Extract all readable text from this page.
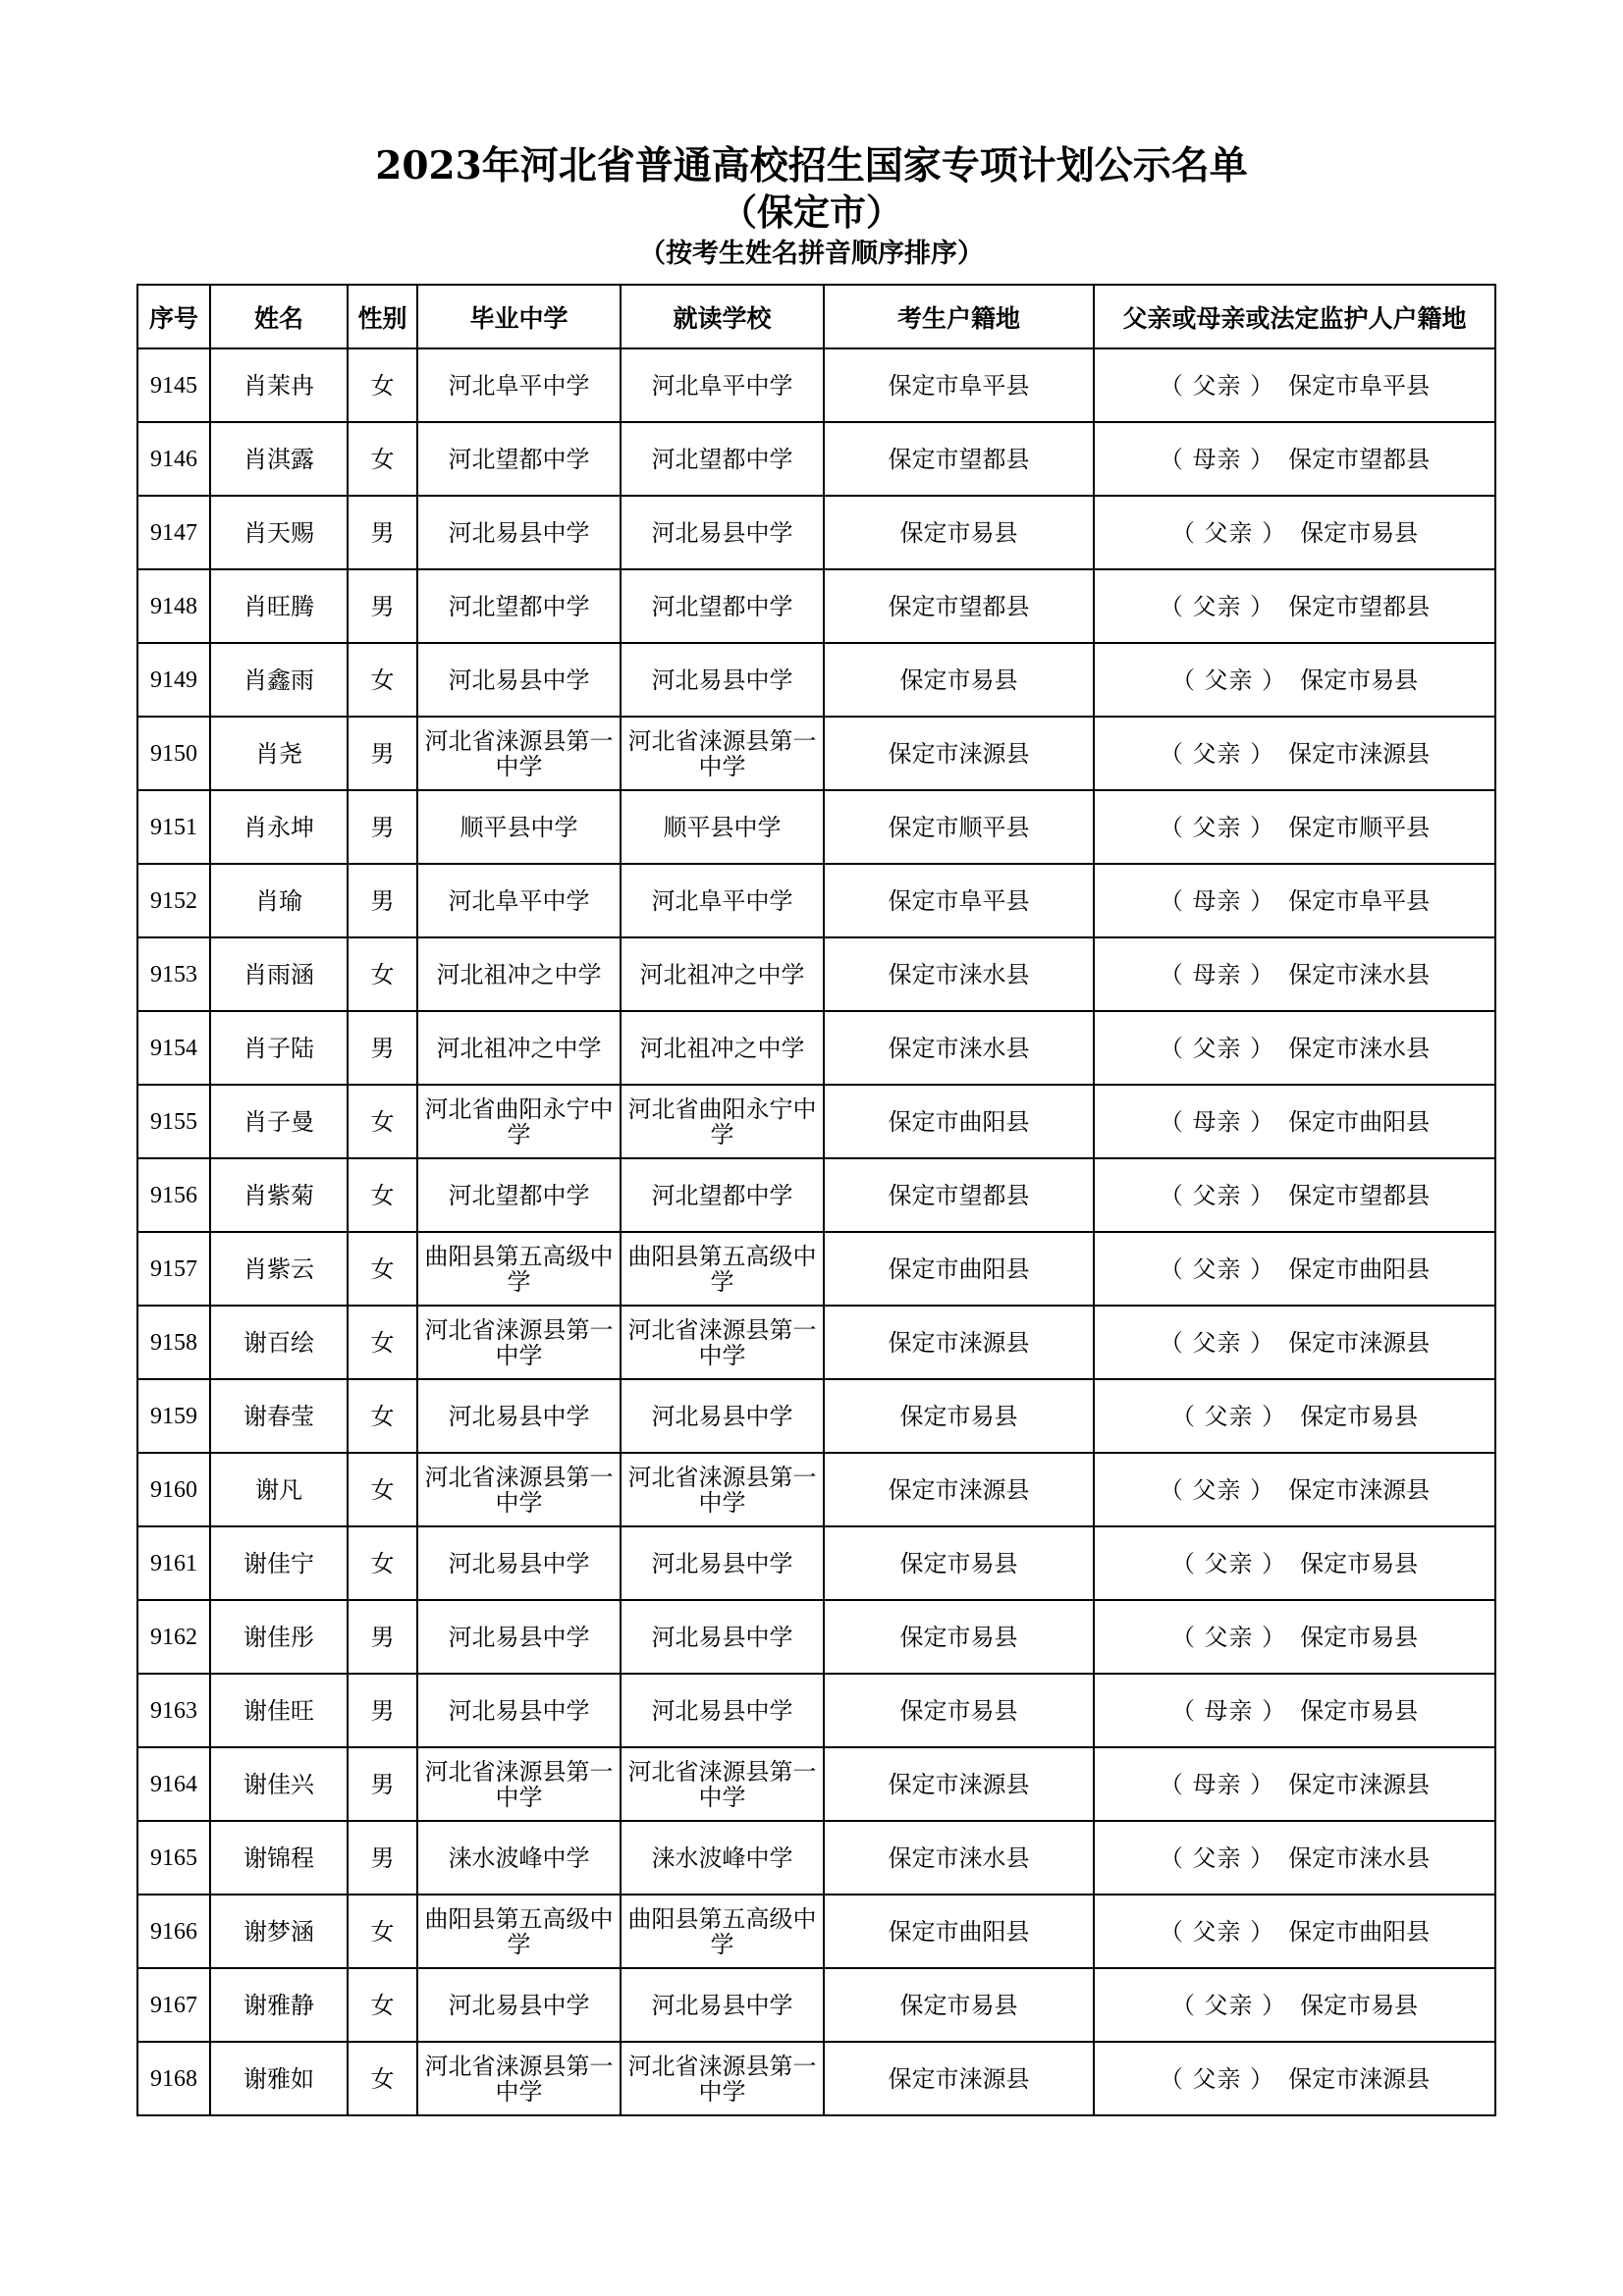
2023年河北省普通高校招生国家专项计划公示名单
（保定市）
（按考生姓名拼音顺序排序）
序号	姓名	性别	毕业中学	就读学校	考生户籍地	父亲或母亲或法定监护人户籍地
9145	肖茉冉	女	河北阜平中学	河北阜平中学	保定市阜平县	（ 父亲 ） 保定市阜平县
9146	肖淇露	女	河北望都中学	河北望都中学	保定市望都县	（ 母亲 ） 保定市望都县
9147	肖天赐	男	河北易县中学	河北易县中学	保定市易县	（ 父亲 ） 保定市易县
9148	肖旺腾	男	河北望都中学	河北望都中学	保定市望都县	（ 父亲 ） 保定市望都县
9149	肖鑫雨	女	河北易县中学	河北易县中学	保定市易县	（ 父亲 ） 保定市易县
9150	肖尧	男	河北省涞源县第一中学	河北省涞源县第一中学	保定市涞源县	（ 父亲 ） 保定市涞源县
9151	肖永坤	男	顺平县中学	顺平县中学	保定市顺平县	（ 父亲 ） 保定市顺平县
9152	肖瑜	男	河北阜平中学	河北阜平中学	保定市阜平县	（ 母亲 ） 保定市阜平县
9153	肖雨涵	女	河北祖冲之中学	河北祖冲之中学	保定市涞水县	（ 母亲 ） 保定市涞水县
9154	肖子陆	男	河北祖冲之中学	河北祖冲之中学	保定市涞水县	（ 父亲 ） 保定市涞水县
9155	肖子曼	女	河北省曲阳永宁中学	河北省曲阳永宁中学	保定市曲阳县	（ 母亲 ） 保定市曲阳县
9156	肖紫菊	女	河北望都中学	河北望都中学	保定市望都县	（ 父亲 ） 保定市望都县
9157	肖紫云	女	曲阳县第五高级中学	曲阳县第五高级中学	保定市曲阳县	（ 父亲 ） 保定市曲阳县
9158	谢百绘	女	河北省涞源县第一中学	河北省涞源县第一中学	保定市涞源县	（ 父亲 ） 保定市涞源县
9159	谢春莹	女	河北易县中学	河北易县中学	保定市易县	（ 父亲 ） 保定市易县
9160	谢凡	女	河北省涞源县第一中学	河北省涞源县第一中学	保定市涞源县	（ 父亲 ） 保定市涞源县
9161	谢佳宁	女	河北易县中学	河北易县中学	保定市易县	（ 父亲 ） 保定市易县
9162	谢佳彤	男	河北易县中学	河北易县中学	保定市易县	（ 父亲 ） 保定市易县
9163	谢佳旺	男	河北易县中学	河北易县中学	保定市易县	（ 母亲 ） 保定市易县
9164	谢佳兴	男	河北省涞源县第一中学	河北省涞源县第一中学	保定市涞源县	（ 母亲 ） 保定市涞源县
9165	谢锦程	男	涞水波峰中学	涞水波峰中学	保定市涞水县	（ 父亲 ） 保定市涞水县
9166	谢梦涵	女	曲阳县第五高级中学	曲阳县第五高级中学	保定市曲阳县	（ 父亲 ） 保定市曲阳县
9167	谢雅静	女	河北易县中学	河北易县中学	保定市易县	（ 父亲 ） 保定市易县
9168	谢雅如	女	河北省涞源县第一中学	河北省涞源县第一中学	保定市涞源县	（ 父亲 ） 保定市涞源县
